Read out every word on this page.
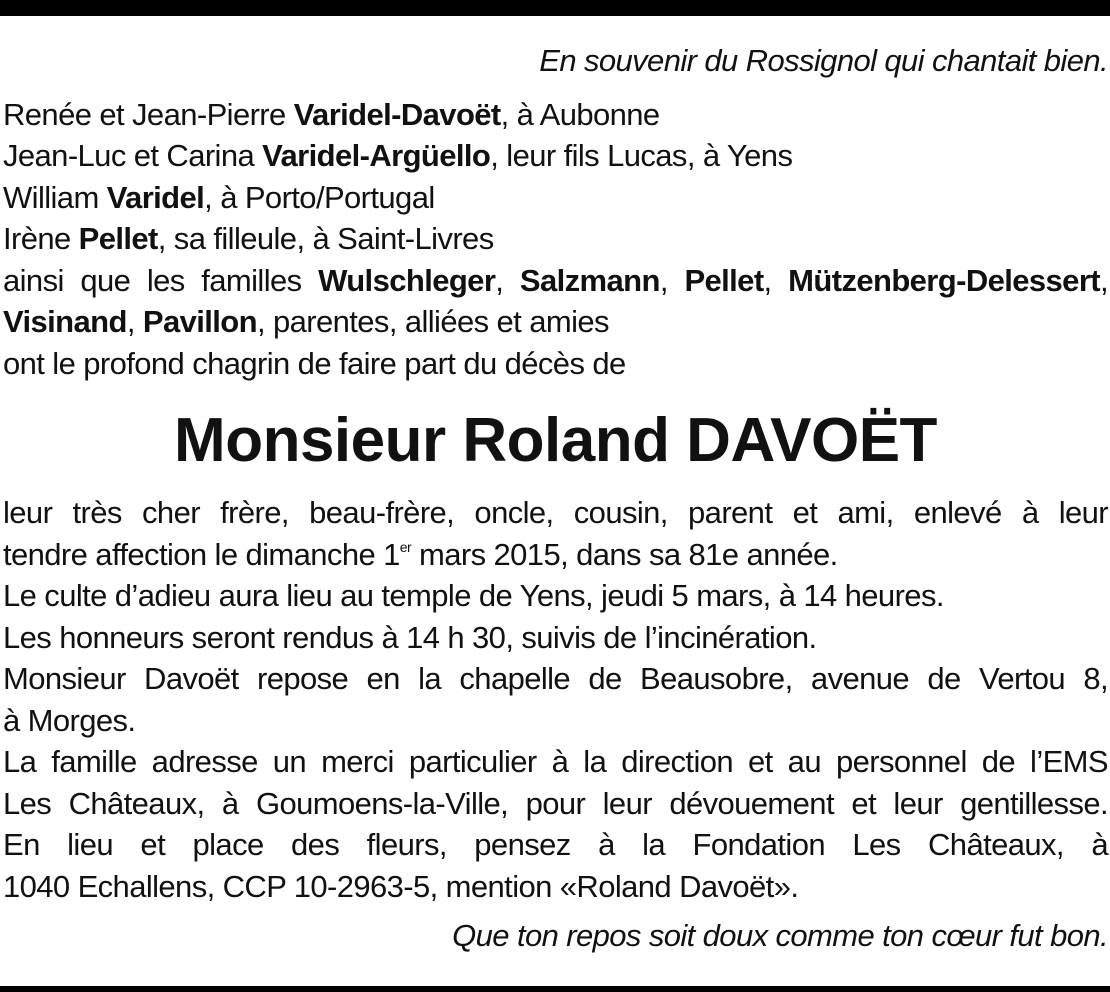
En souvenir du Rossignol qui chantait bien.
Renée et Jean-Pierre Varidel-Davoët, à Aubonne
Jean-Luc et Carina Varidel-Argüello, leur fils Lucas, à Yens
William Varidel, à Porto/Portugal
Irène Pellet, sa filleule, à Saint-Livres
ainsi que les familles Wulschleger, Salzmann, Pellet, Mützenberg-Delessert, Visinand, Pavillon, parentes, alliées et amies
ont le profond chagrin de faire part du décès de
Monsieur Roland DAVOËT
leur très cher frère, beau-frère, oncle, cousin, parent et ami, enlevé à leur
tendre affection le dimanche 1er mars 2015, dans sa 81e année.
Le culte d’adieu aura lieu au temple de Yens, jeudi 5 mars, à 14 heures.
Les honneurs seront rendus à 14 h 30, suivis de l’incinération.
Monsieur Davoët repose en la chapelle de Beausobre, avenue de Vertou 8,
à Morges.
La famille adresse un merci particulier à la direction et au personnel de l’EMS
Les Châteaux, à Goumoens-la-Ville, pour leur dévouement et leur gentillesse.
En lieu et place des fleurs, pensez à la Fondation Les Châteaux, à
1040 Echallens, CCP 10-2963-5, mention «Roland Davoët».
Que ton repos soit doux comme ton cœur fut bon.
